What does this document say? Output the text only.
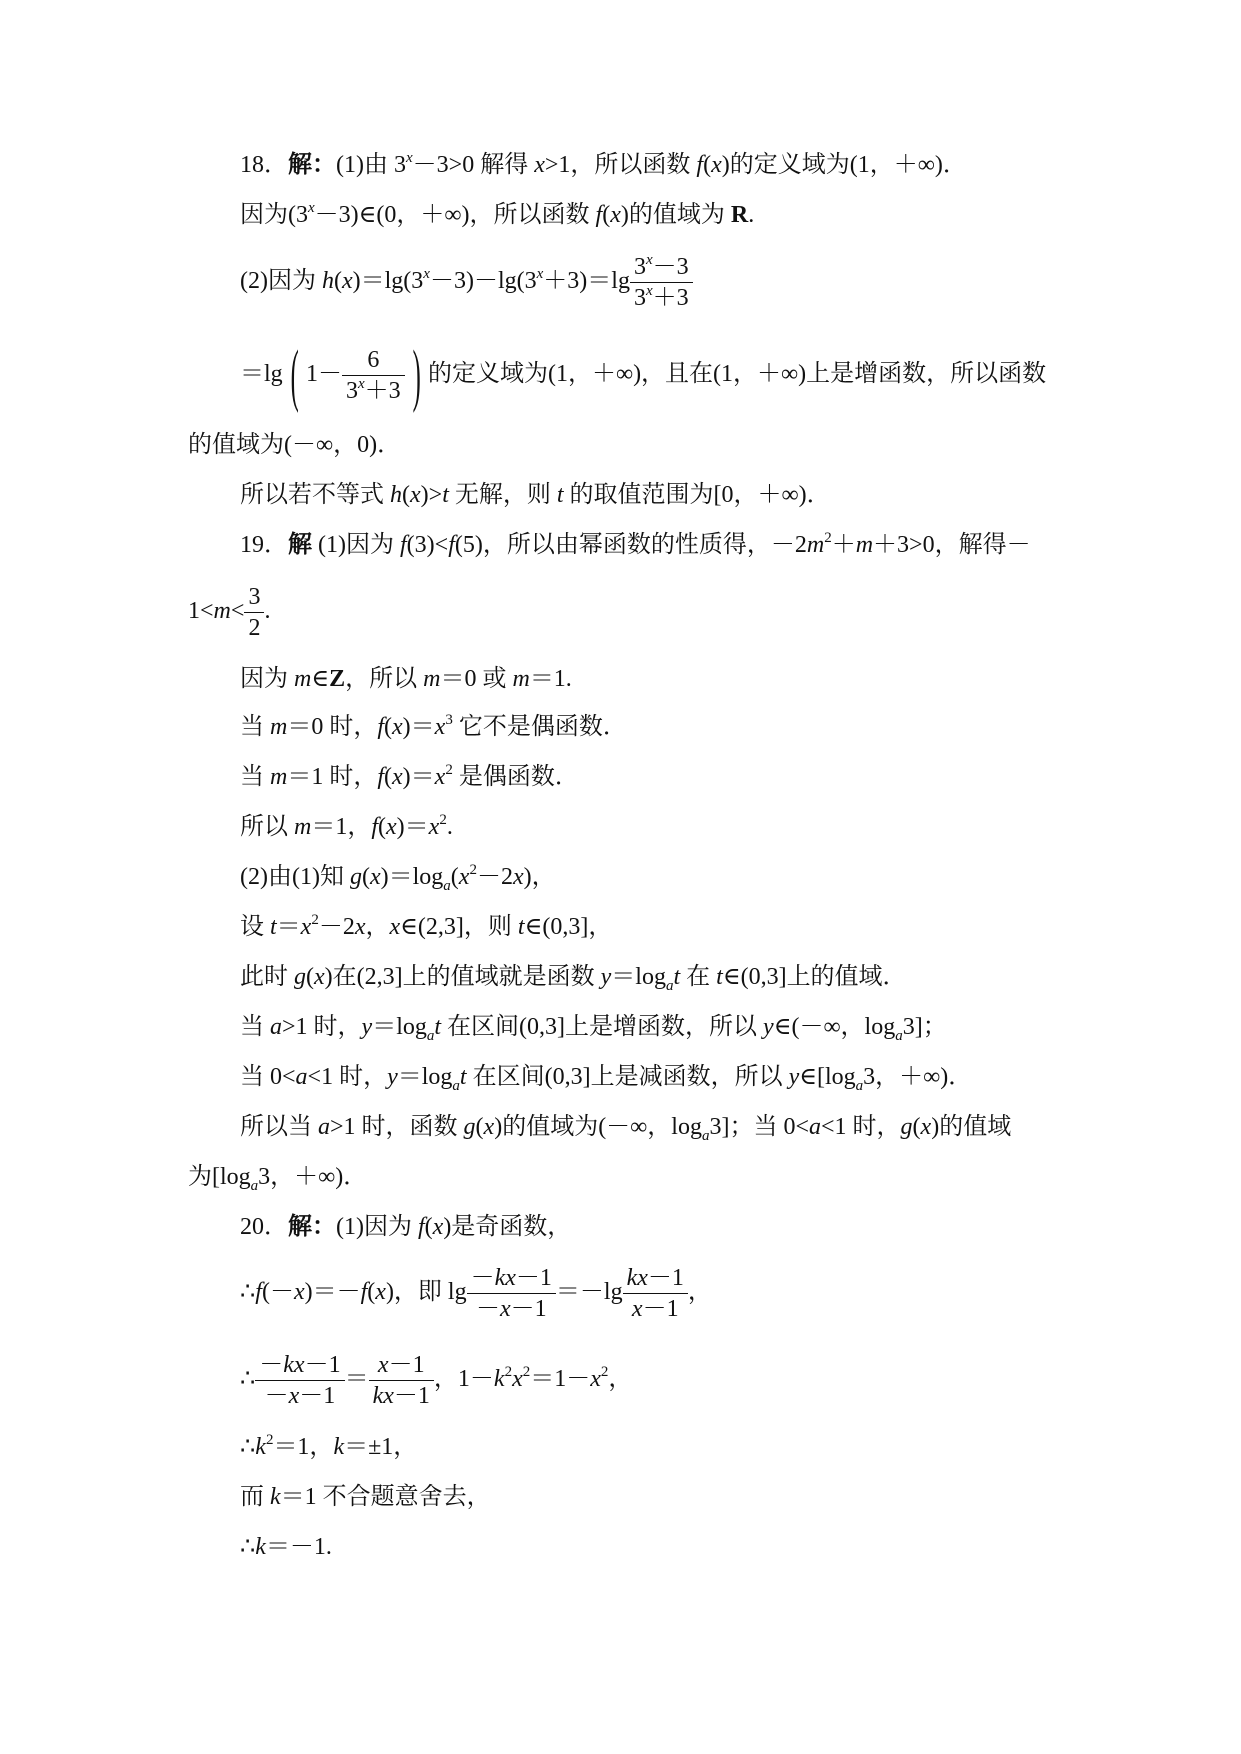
18．解：(1)由 $3^x-3>0$ 解得 x>1，所以函数 f(x)的定义域为(1，＋∞)．
因为$(3^x-3)\in(0$，＋∞)，所以函数 f(x)的值域为 R.
(2)因为 $h(x)=\lg(3^x-3)-\lg(3^x+3)=\lg \frac{3^x-3}{3^x+3}$
＝lg ( $1- \frac{6}{3^x+3}$ ) 的定义域为(1，＋∞)，且在(1，＋∞)上是增函数，所以函数
的值域为(－∞，0)．
所以若不等式 h(x)>t 无解，则 t 的取值范围为[0，＋∞)．
19．解 (1)因为 f(3)<f(5)，所以由幂函数的性质得，$-2m^2+m+3>0$，解得－
$1<m< \frac{3}{2}$ .
因为 m∈Z，所以 m＝0 或 m＝1.
当 m＝0 时，$f(x)=x^3$ 它不是偶函数．
当 m＝1 时，$f(x)=x^2$ 是偶函数．
所以 m＝1，$f(x)=x^2$.
(2)由(1)知 $g(x)=\log_a(x^2-2x)$，
设 $t=x^2-2x$，x∈(2,3]，则 t∈(0,3]，
此时 g(x)在(2,3]上的值域就是函数 $y=\log_at$ 在 t∈(0,3]上的值域．
当 a>1 时，$y=\log_at$ 在区间(0,3]上是增函数，所以 y∈(－∞，$\log_a3$]；
当 0<a<1 时，$y=\log_at$ 在区间(0,3]上是减函数，所以 $y\in[\log_a3$，＋∞)．
所以当 a>1 时，函数 g(x)的值域为(－∞，$\log_a3$]；当 0<a<1 时，g(x)的值域
为[$\log_a3$，＋∞)．
20．解：(1)因为 f(x)是奇函数，
∴f(－x)＝－f(x)，即 $\lg \frac{-kx-1}{-x-1} =-\lg \frac{kx-1}{x-1}$ ，
∴ $\frac{-kx-1}{-x-1} = \frac{x-1}{kx-1}$ ，$1-k^2x^2=1-x^2$，
$\therefore k^2=1$，k＝±1，
而 k＝1 不合题意舍去，
∴k＝－1.
